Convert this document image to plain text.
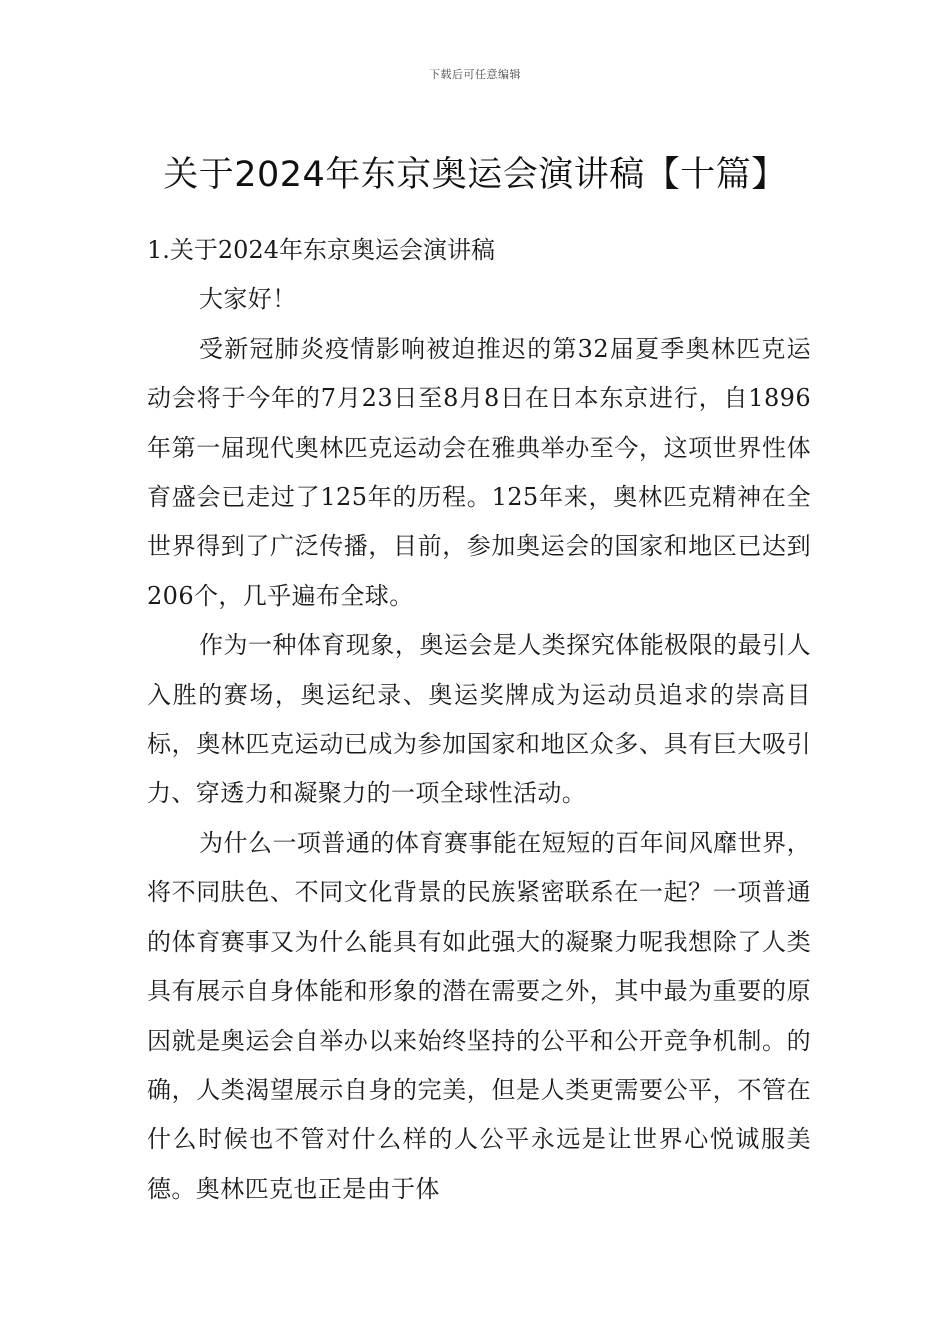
下载后可任意编辑
关于2024年东京奥运会演讲稿【十篇】

1.关于2024年东京奥运会演讲稿

大家好！

受新冠肺炎疫情影响被迫推迟的第32届夏季奥林匹克运动会将于今年的7月23日至8月8日在日本东京进行，自1896年第一届现代奥林匹克运动会在雅典举办至今，这项世界性体育盛会已走过了125年的历程。125年来，奥林匹克精神在全世界得到了广泛传播，目前，参加奥运会的国家和地区已达到206个，几乎遍布全球。

作为一种体育现象，奥运会是人类探究体能极限的最引人入胜的赛场，奥运纪录、奥运奖牌成为运动员追求的崇高目标，奥林匹克运动已成为参加国家和地区众多、具有巨大吸引力、穿透力和凝聚力的一项全球性活动。

为什么一项普通的体育赛事能在短短的百年间风靡世界，将不同肤色、不同文化背景的民族紧密联系在一起？一项普通的体育赛事又为什么能具有如此强大的凝聚力呢我想除了人类具有展示自身体能和形象的潜在需要之外，其中最为重要的原因就是奥运会自举办以来始终坚持的公平和公开竞争机制。的确，人类渴望展示自身的完美，但是人类更需要公平，不管在什么时候也不管对什么样的人公平永远是让世界心悦诚服美德。奥林匹克也正是由于体
